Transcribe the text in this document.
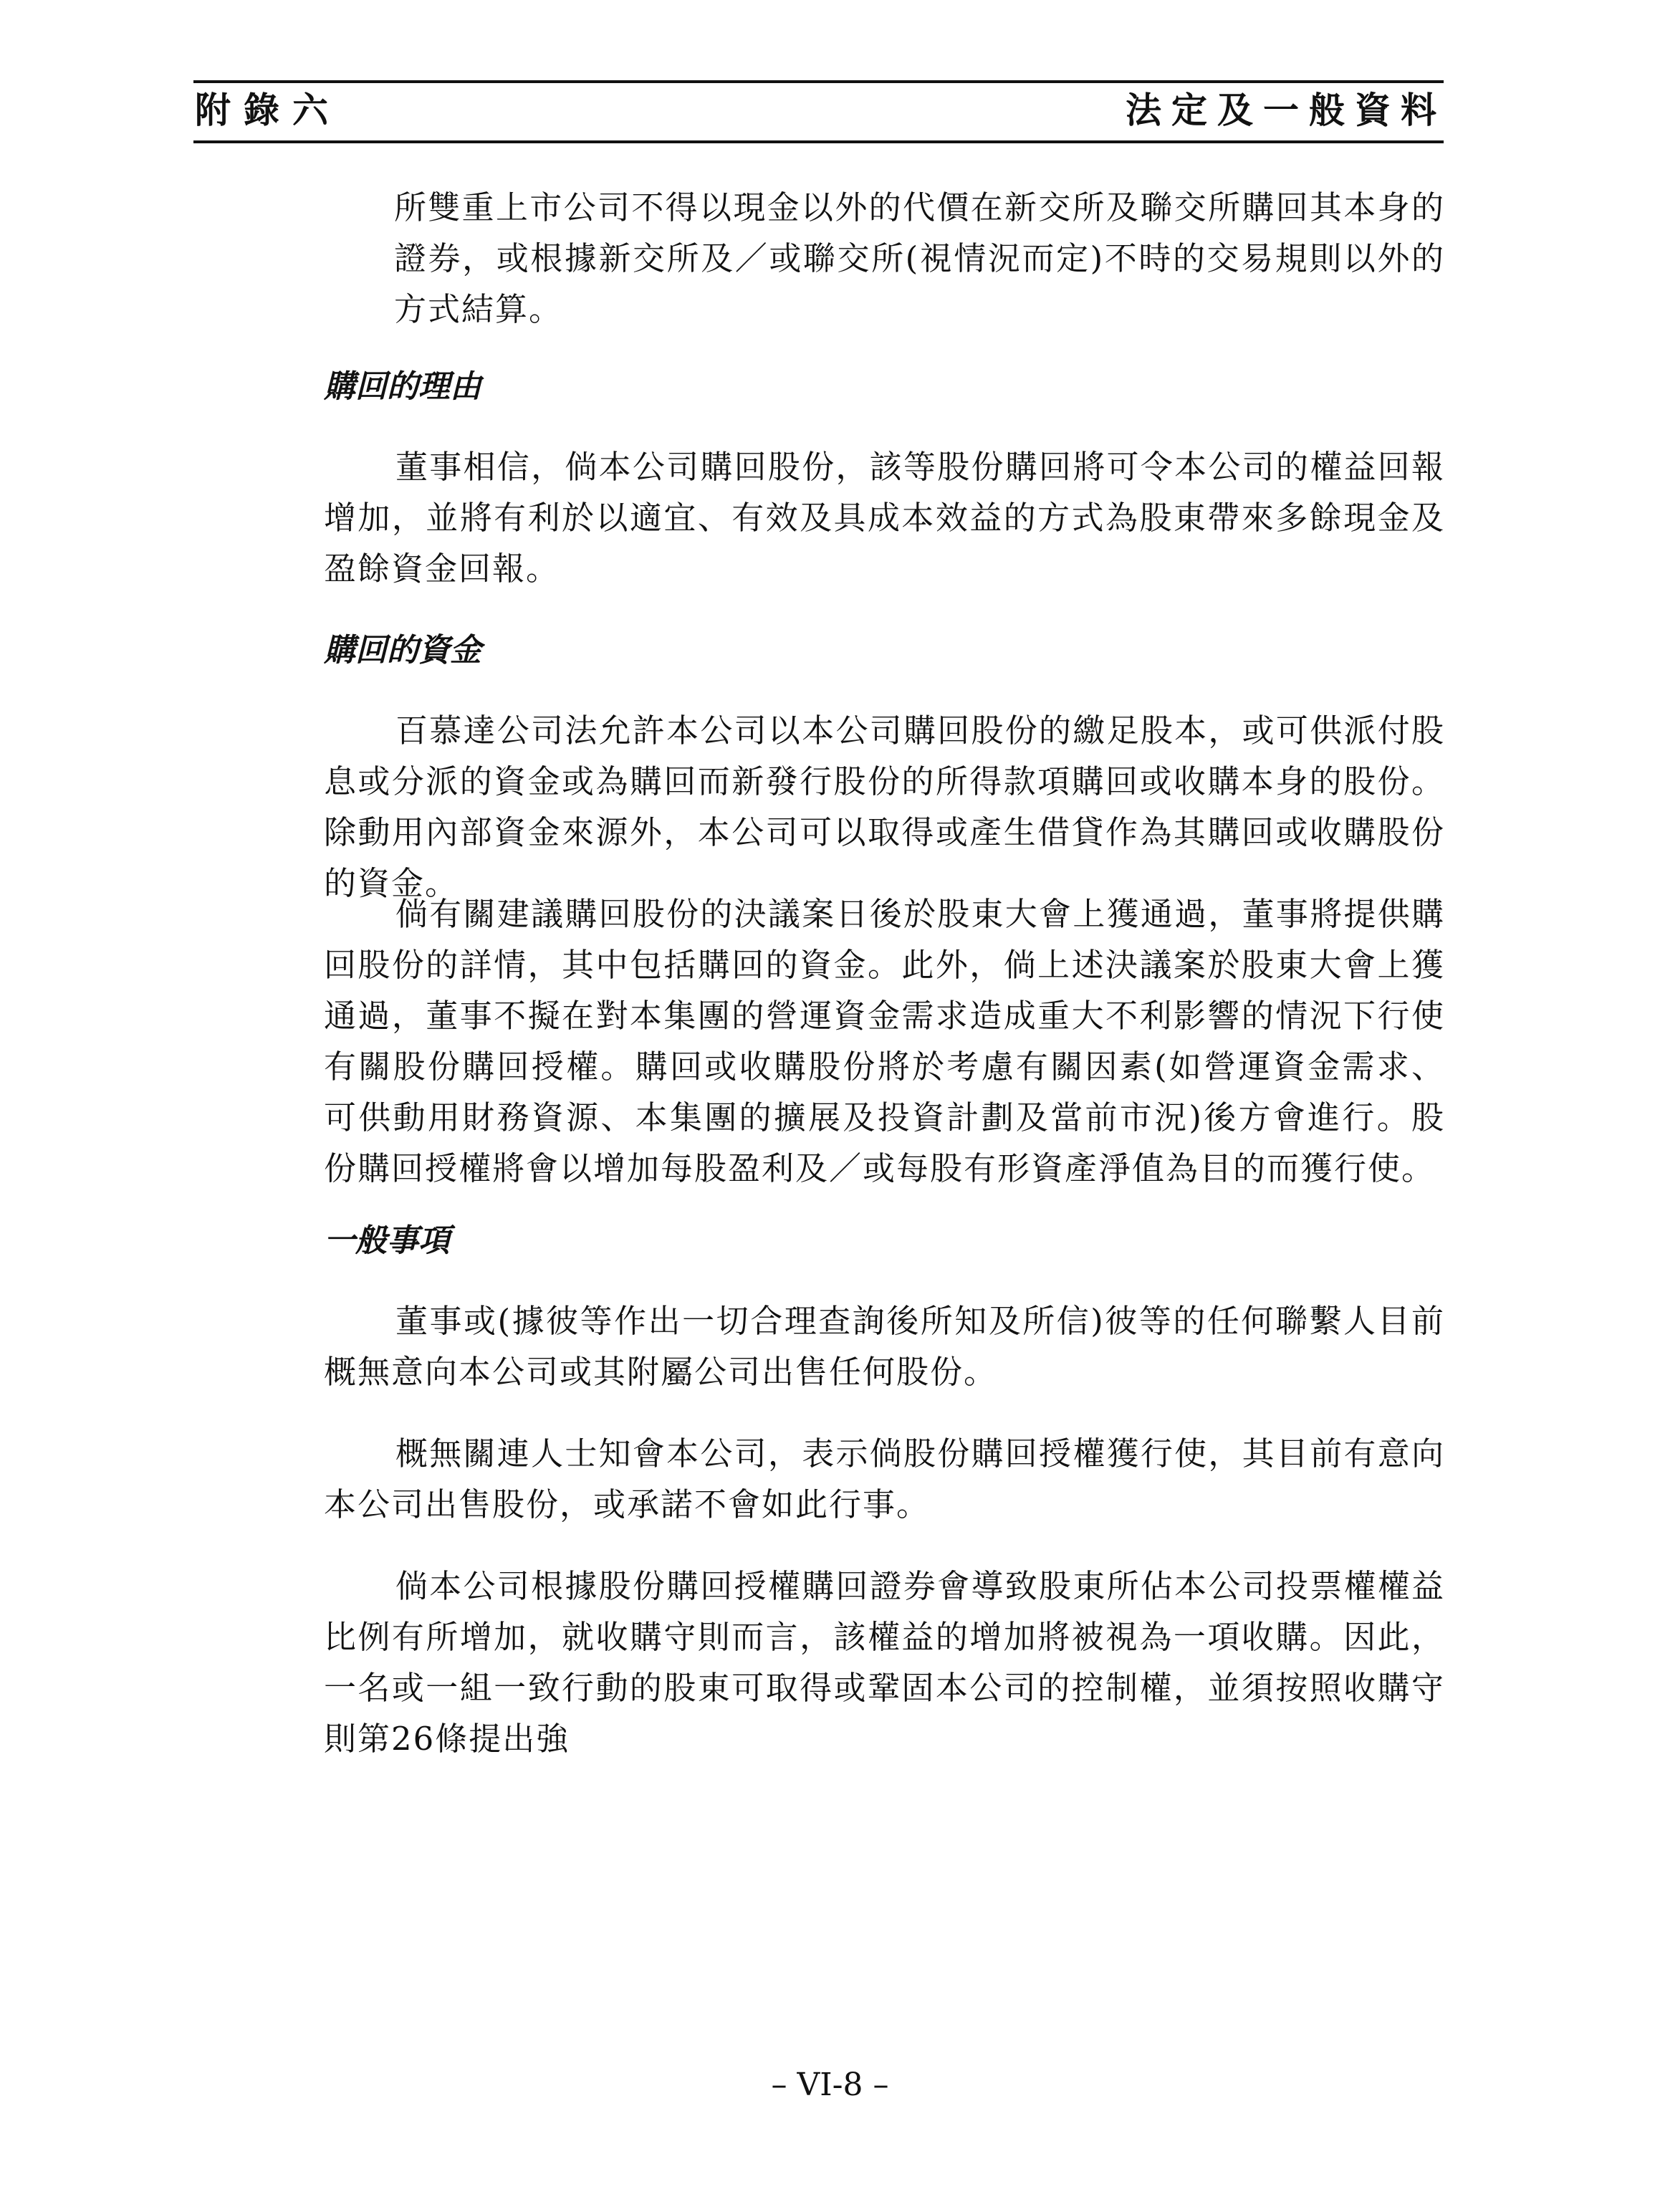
附錄六	法定及一般資料

所雙重上市公司不得以現金以外的代價在新交所及聯交所購回其本身的證券，或根據新交所及／或聯交所(視情況而定)不時的交易規則以外的方式結算。

購回的理由

董事相信，倘本公司購回股份，該等股份購回將可令本公司的權益回報增加，並將有利於以適宜、有效及具成本效益的方式為股東帶來多餘現金及盈餘資金回報。

購回的資金

百慕達公司法允許本公司以本公司購回股份的繳足股本，或可供派付股息或分派的資金或為購回而新發行股份的所得款項購回或收購本身的股份。除動用內部資金來源外，本公司可以取得或產生借貸作為其購回或收購股份的資金。

倘有關建議購回股份的決議案日後於股東大會上獲通過，董事將提供購回股份的詳情，其中包括購回的資金。此外，倘上述決議案於股東大會上獲通過，董事不擬在對本集團的營運資金需求造成重大不利影響的情況下行使有關股份購回授權。購回或收購股份將於考慮有關因素(如營運資金需求、可供動用財務資源、本集團的擴展及投資計劃及當前市況)後方會進行。股份購回授權將會以增加每股盈利及／或每股有形資產淨值為目的而獲行使。

一般事項

董事或(據彼等作出一切合理查詢後所知及所信)彼等的任何聯繫人目前概無意向本公司或其附屬公司出售任何股份。

概無關連人士知會本公司，表示倘股份購回授權獲行使，其目前有意向本公司出售股份，或承諾不會如此行事。

倘本公司根據股份購回授權購回證券會導致股東所佔本公司投票權權益比例有所增加，就收購守則而言，該權益的增加將被視為一項收購。因此，一名或一組一致行動的股東可取得或鞏固本公司的控制權，並須按照收購守則第26條提出強

– VI-8 –
